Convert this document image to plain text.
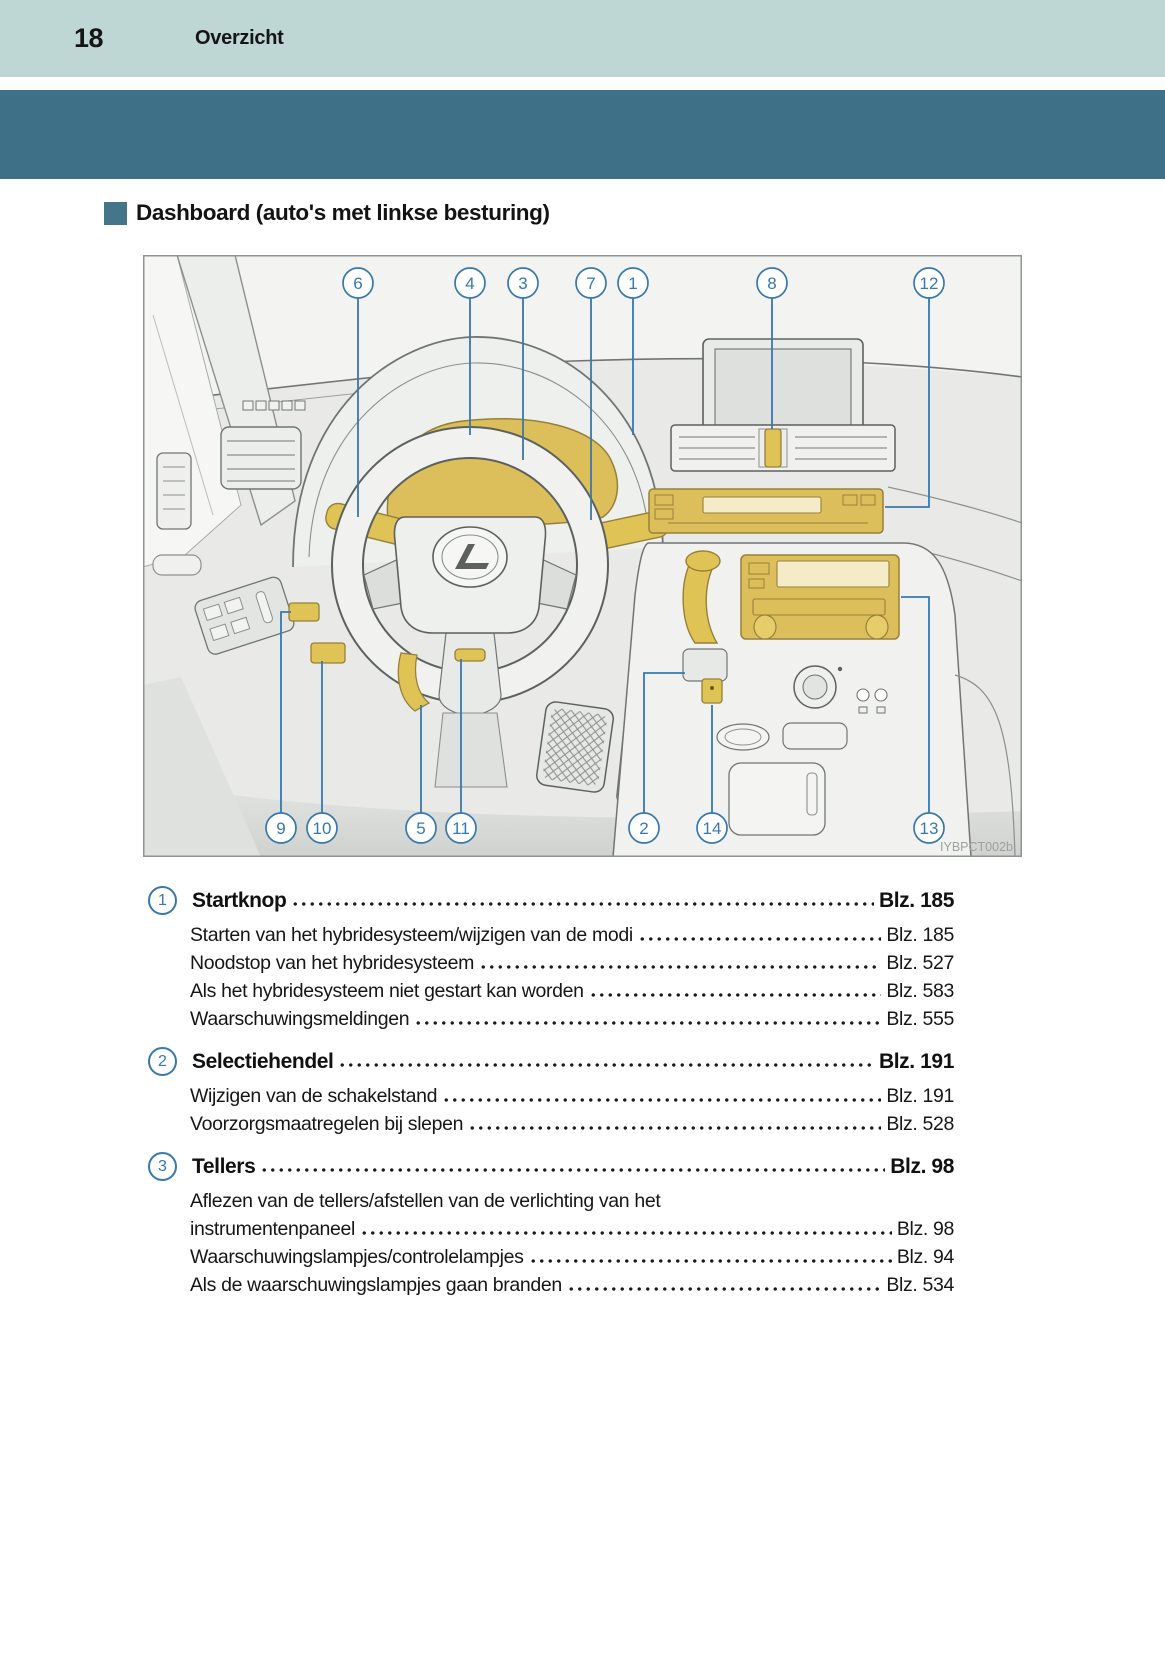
18	Overzicht
Dashboard (auto's met linkse besturing)
6	4	3	7 1	8	12
9 10	5 11	2	14	13
IYBPCT002b
1	Startknop	Blz. 185
Starten van het hybridesysteem/wijzigen van de modi	Blz. 185
Noodstop van het hybridesysteem	Blz. 527
Als het hybridesysteem niet gestart kan worden	Blz. 583
Waarschuwingsmeldingen	Blz. 555
2	Selectiehendel	Blz. 191
Wijzigen van de schakelstand	Blz. 191
Voorzorgsmaatregelen bij slepen	Blz. 528
3	Tellers	Blz. 98
Aflezen van de tellers/afstellen van de verlichting van het
instrumentenpaneel	Blz. 98
Waarschuwingslampjes/controlelampjes	Blz. 94
Als de waarschuwingslampjes gaan branden	Blz. 534
